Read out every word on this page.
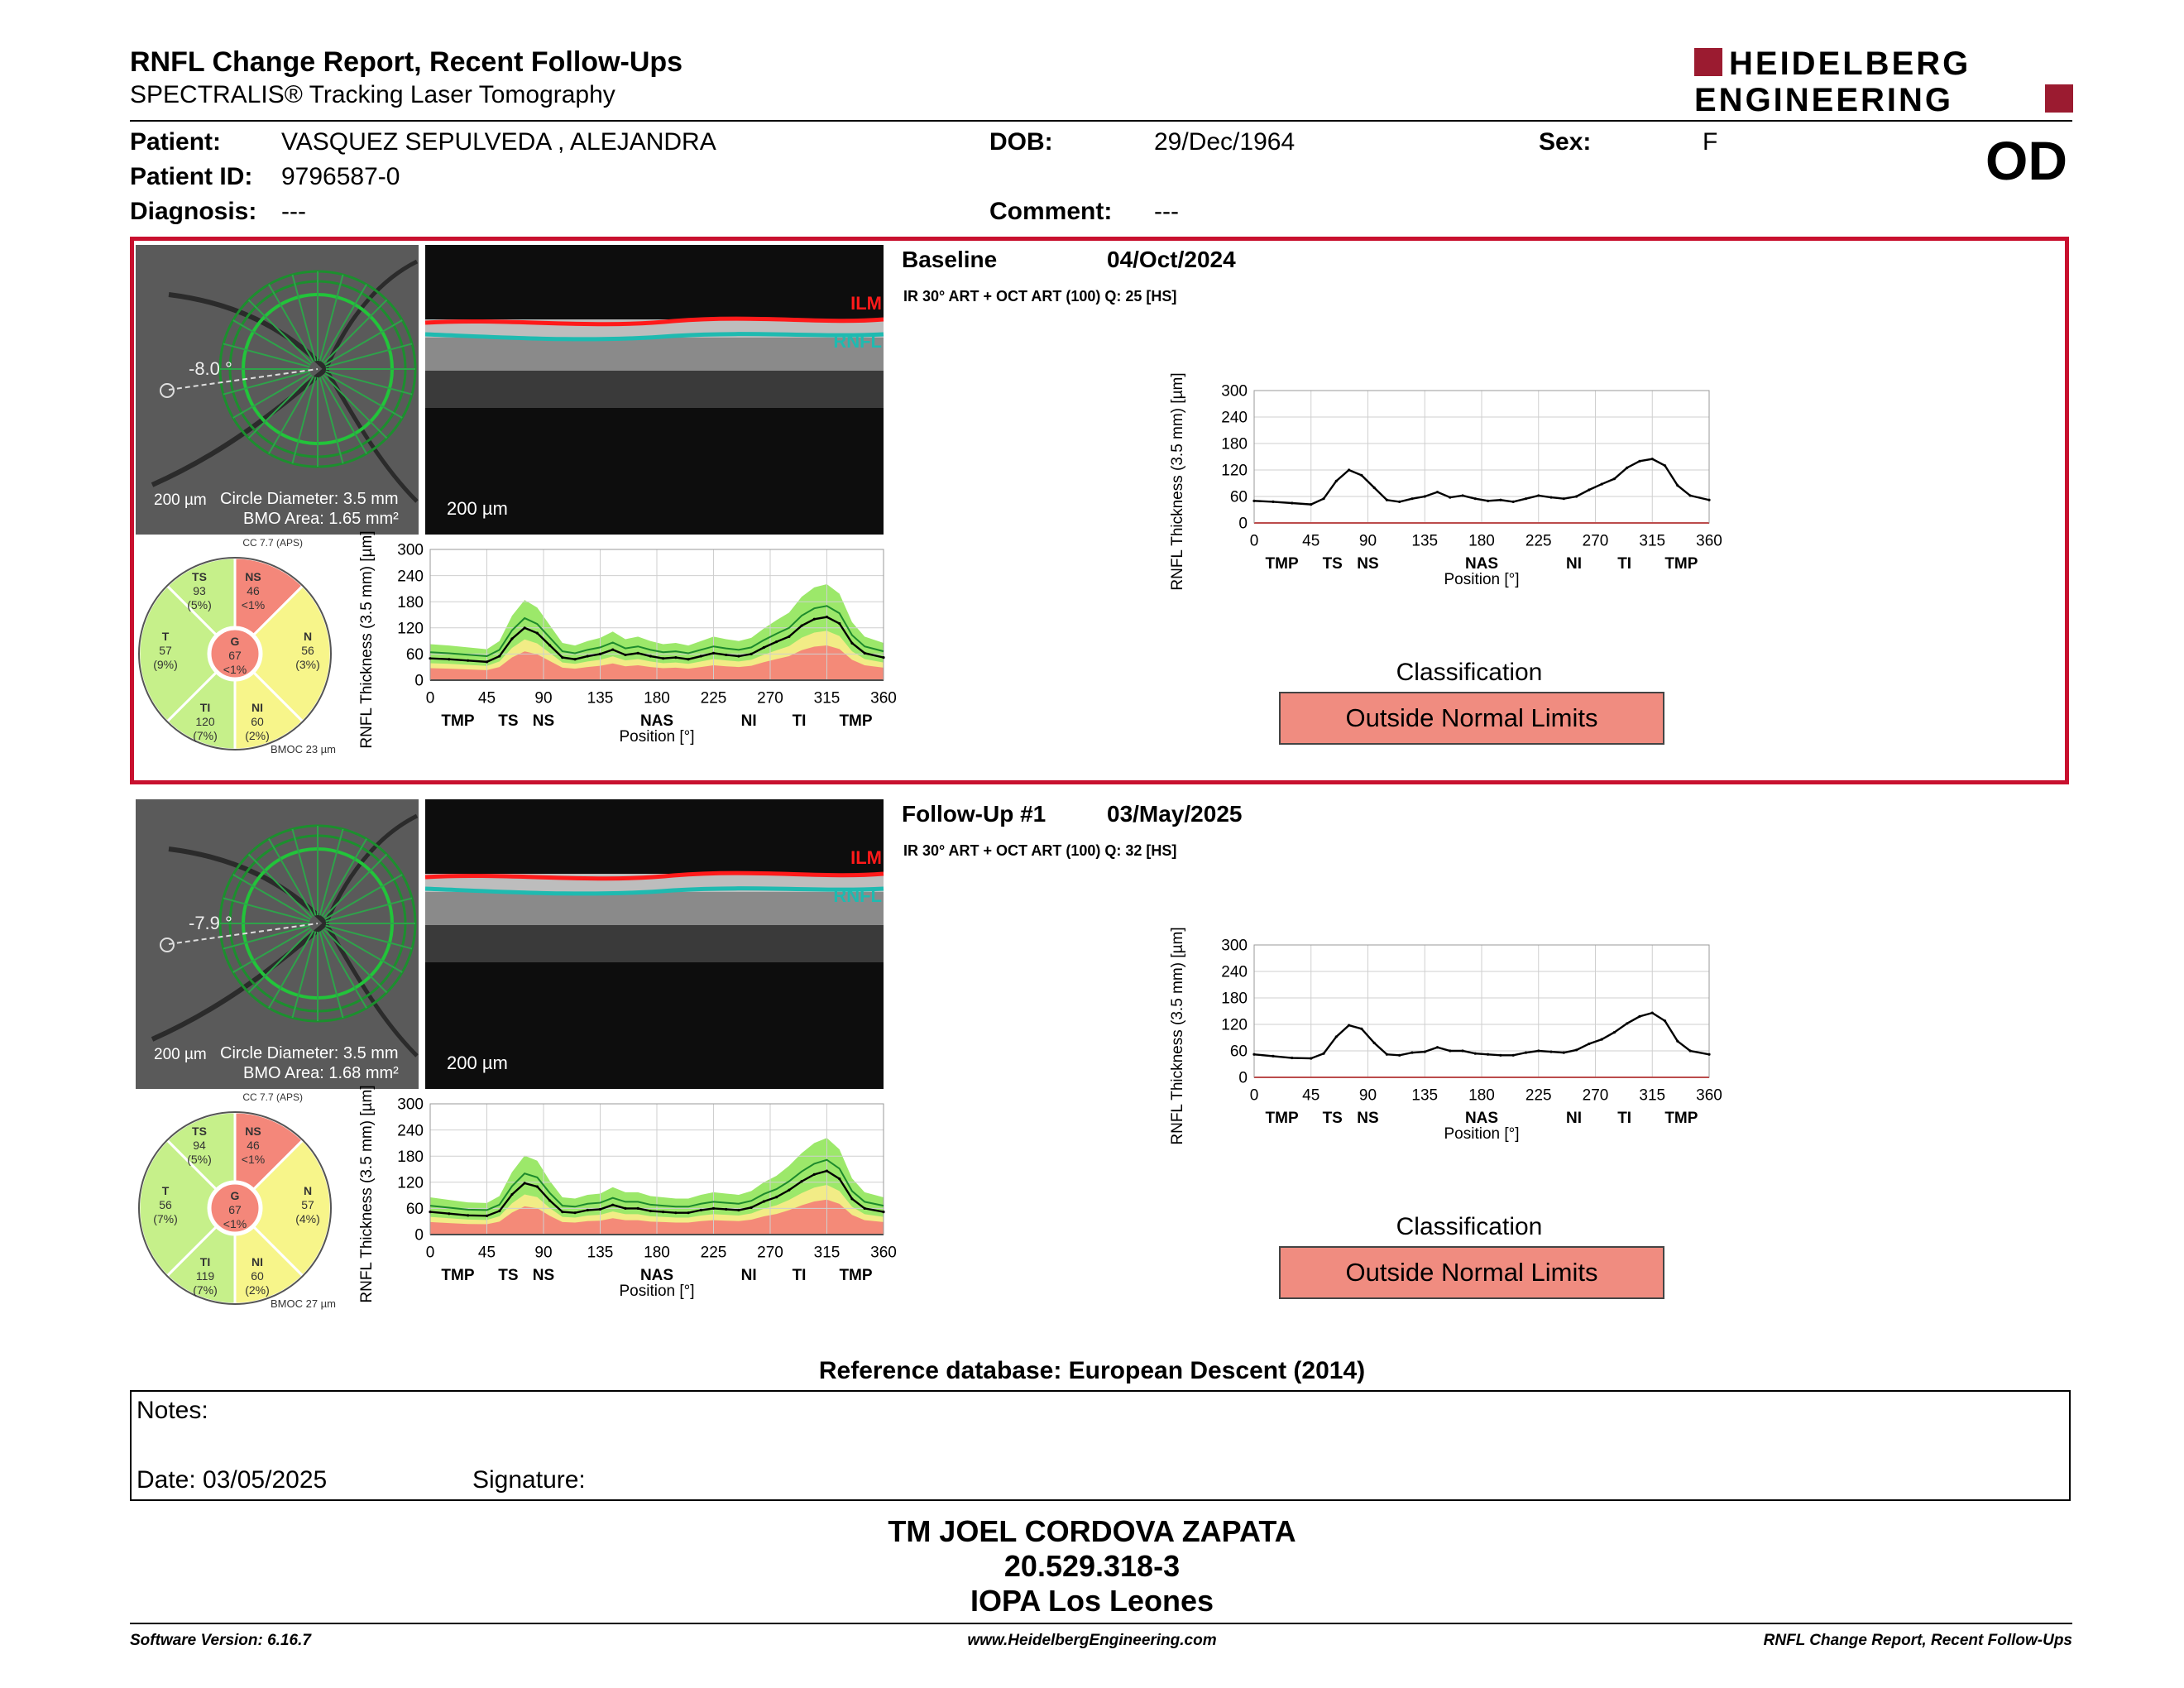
RNFL Change Report, Recent Follow-Ups
SPECTRALIS® Tracking Laser Tomography
HEIDELBERG
ENGINEERING
Patient: VASQUEZ SEPULVEDA , ALEJANDRA
Patient ID: 9796587-0
Diagnosis: ---
DOB:	29/Dec/1964
Comment: ---
Sex:	F	OD
Reference database: European Descent (2014)
Notes:
Date: 03/05/2025	Signature:
TM JOEL CORDOVA ZAPATA
20.529.318-3
IOPA Los Leones
Software Version: 6.16.7	www.HeidelbergEngineering.com	RNFL Change Report, Recent Follow-Ups
-8.0 °
200 µm Circle Diameter: 3.5 mm
BMO Area: 1.65 mm²
ILM
RNFL
200 µm
CC 7.7 (APS)
TS
93
(5%)
NS
46
<1%
T
57
(9%)
G
67
<1%
N
56
(3%)
TI
120
(7%)
NI
60
(2%)
BMOC 23 µm
Baseline	04/Oct/2024
IR 30° ART + OCT ART (100) Q: 25 [HS]
Classification
Outside Normal Limits
-7.9 °
200 µm Circle Diameter: 3.5 mm
BMO Area: 1.68 mm²
ILM
RNFL
200 µm
CC 7.7 (APS)
TS
94
(5%)
NS
46
<1%
T
56
(7%)
G
67
<1%
N
57
(4%)
TI
119
(7%)
NI
60
(2%)
BMOC 27 µm
Follow-Up #1	03/May/2025
IR 30° ART + OCT ART (100) Q: 32 [HS]
Classification
Outside Normal Limits
300
240
180
120
60
0
0	45 90 135 180 225 270 315 360
TMP TS NS	NAS	NI TI TMP
Position [°]
RNFL Thickness (3.5 mm) [µm]
300
240
180
120
60
0
0	45	90 135 180 225 270 315 360
TMP TS NS	NAS	NI TI TMP
Position [°]
RNFL Thickness (3.5 mm) [µm]
300
240
180
120
60
0
0	45 90 135 180 225 270 315 360
TMP TS NS	NAS	NI TI TMP
Position [°]
RNFL Thickness (3.5 mm) [µm]
300
240
180
120
60
0
0	45	90 135 180 225 270 315 360
TMP TS NS	NAS	NI TI TMP
Position [°]
RNFL Thickness (3.5 mm) [µm]
